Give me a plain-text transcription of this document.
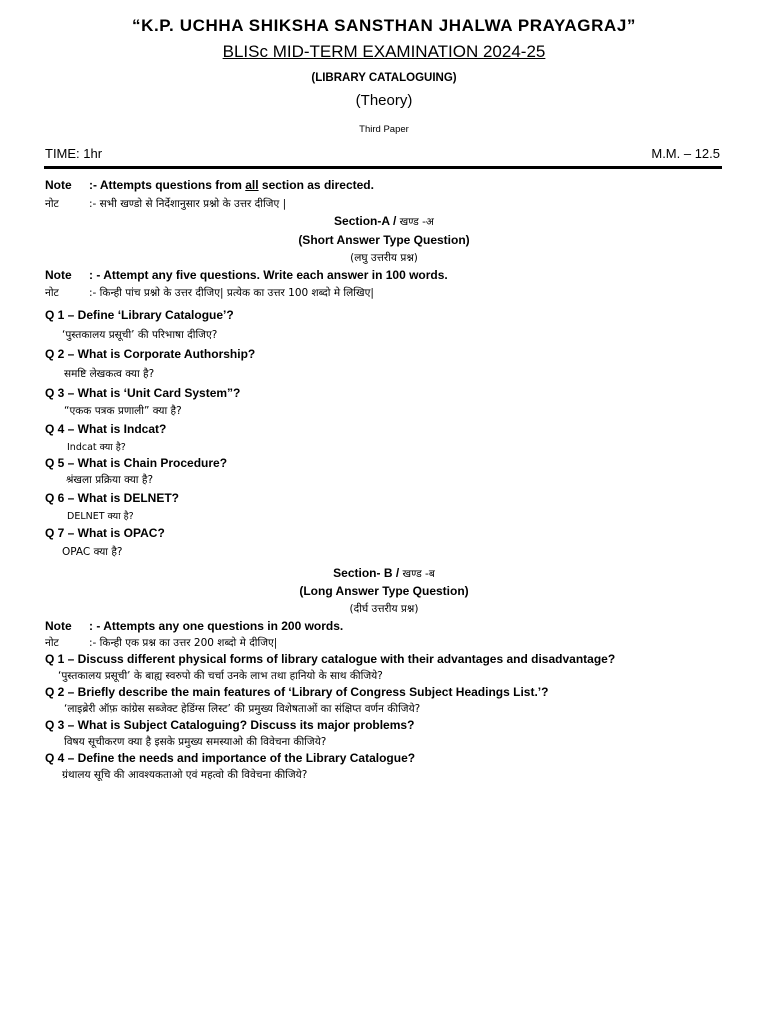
“K.P. UCHHA SHIKSHA SANSTHAN JHALWA PRAYAGRAJ”
BLISc MID-TERM EXAMINATION 2024-25
(LIBRARY CATALOGUING)
(Theory)
Third Paper
TIME: 1hr	M.M. – 12.5
Note :- Attempts questions from all section as directed.
नोट	:- सभी खण्डो से निर्देशानुसार प्रश्नो के उत्तर दीजिए |
Section-A / खण्ड -अ
(Short Answer Type Question)
(लघु उत्तरीय प्रश्न)
Note : - Attempt any five questions. Write each answer in 100 words.
नोट	:- किन्ही पांच प्रश्नो के उत्तर दीजिए| प्रत्येक का उत्तर 100 शब्दो मे लिखिए|
Q 1 – Define ‘Library Catalogue’?
‘पुस्तकालय प्रसूची’ की परिभाषा दीजिए?
Q 2 – What is Corporate Authorship?
समष्टि लेखकत्व क्या है?
Q 3 – What is ‘Unit Card System”?
“एकक पत्रक प्रणाली” क्या है?
Q 4 – What is Indcat?
Indcat क्या है?
Q 5 – What is Chain Procedure?
श्रंखला प्रक्रिया क्या है?
Q 6 – What is DELNET?
DELNET क्या है?
Q 7 – What is OPAC?
OPAC क्या है?
Section- B / खण्ड -ब
(Long Answer Type Question)
(दीर्घ उत्तरीय प्रश्न)
Note : - Attempts any one questions in 200 words.
नोट	:- किन्ही एक प्रश्न का उत्तर 200 शब्दो मे दीजिए|
Q 1 – Discuss different physical forms of library catalogue with their advantages and disadvantage?
‘पुस्तकालय प्रसूची’ के बाह्य स्वरुपो की चर्चा उनके लाभ तथा हानियो के साथ कीजिये?
Q 2 – Briefly describe the main features of ‘Library of Congress Subject Headings List.’?
‘लाइब्रेरी ऑफ़ कांग्रेस सब्जेक्ट हेडिंग्स लिस्ट’ की प्रमुख्य विशेषताओं का संक्षिप्त वर्णन कीजिये?
Q 3 – What is Subject Cataloguing? Discuss its major problems?
विषय सूचीकरण क्या है इसके प्रमुख्य समस्याओ की विवेचना कीजिये?
Q 4 – Define the needs and importance of the Library Catalogue?
ग्रंथालय सूचि की आवश्यकताओ एवं महत्वो की विवेचना कीजिये?
